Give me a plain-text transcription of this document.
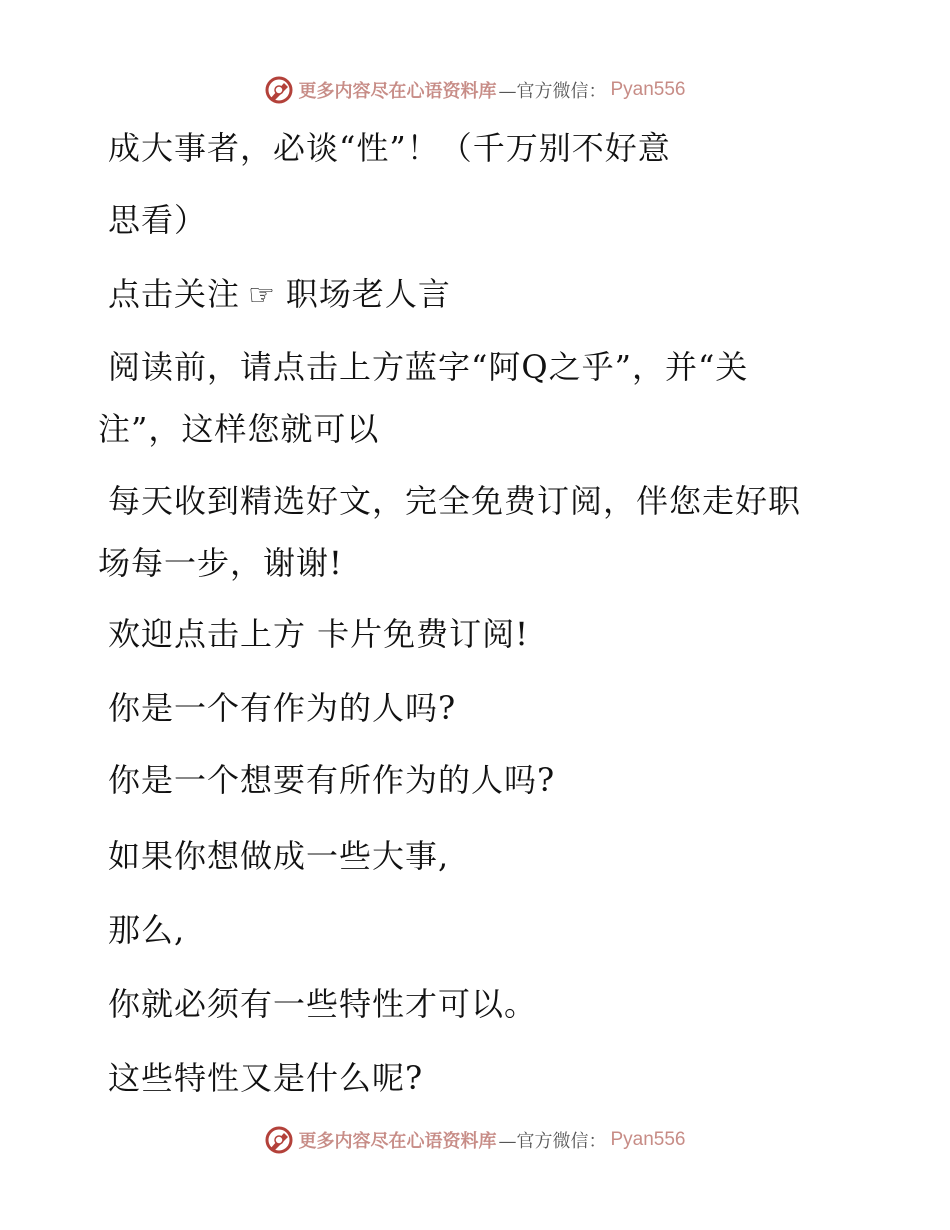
更多内容尽在心语资料库 —官方微信： Pyan556
成大事者，必谈“性”！（千万别不好意
思看）
点击关注 ☞ 职场老人言
阅读前，请点击上方蓝字“阿Q之乎”，并“关注”，这样您就可以
每天收到精选好文，完全免费订阅，伴您走好职场每一步，谢谢!
欢迎点击上方 卡片免费订阅!
你是一个有作为的人吗?
你是一个想要有所作为的人吗?
如果你想做成一些大事,
那么,
你就必须有一些特性才可以。
这些特性又是什么呢?
更多内容尽在心语资料库 —官方微信： Pyan556
